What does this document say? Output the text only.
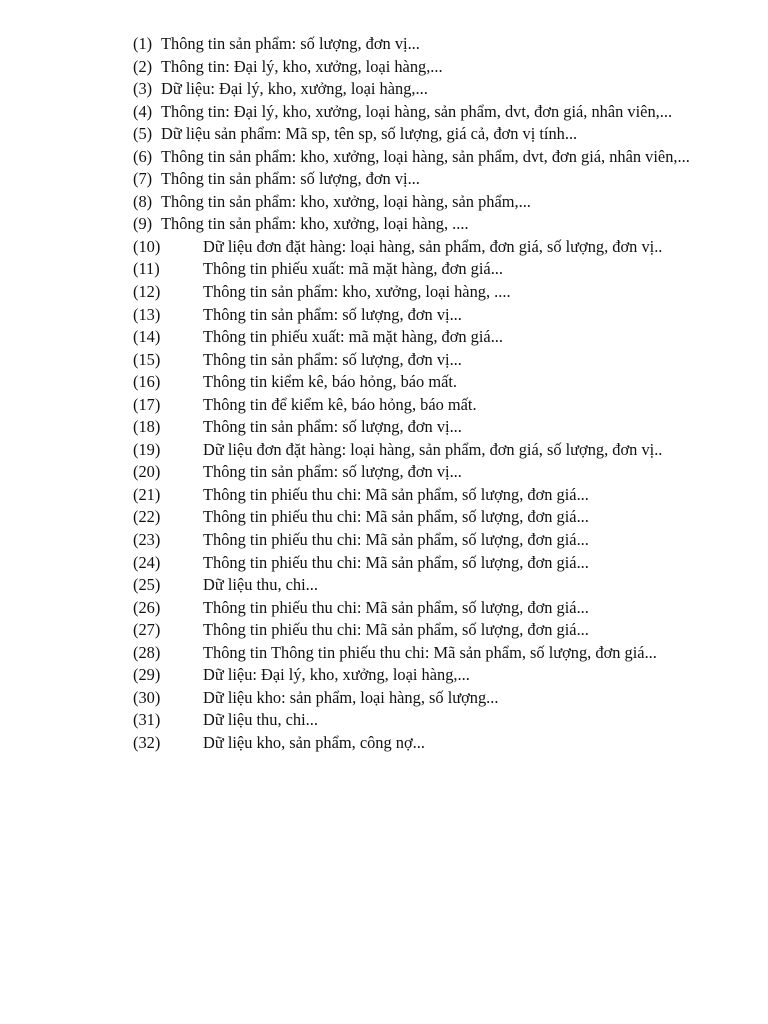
(1) Thông tin sản phẩm: số lượng, đơn vị...
(2) Thông tin: Đại lý, kho, xưởng, loại hàng,...
(3) Dữ liệu: Đại lý, kho, xưởng, loại hàng,...
(4) Thông tin: Đại lý, kho, xưởng, loại hàng, sản phẩm, dvt, đơn giá, nhân viên,...
(5) Dữ liệu sản phẩm: Mã sp, tên sp, số lượng, giá cả, đơn vị tính...
(6) Thông tin sản phẩm: kho, xưởng, loại hàng, sản phẩm, dvt, đơn giá, nhân viên,...
(7) Thông tin sản phẩm: số lượng, đơn vị...
(8) Thông tin sản phẩm: kho, xưởng, loại hàng, sản phẩm,...
(9) Thông tin sản phẩm: kho, xưởng, loại hàng, ....
(10)	Dữ liệu đơn đặt hàng: loại hàng, sản phẩm, đơn giá, số lượng, đơn vị..
(11)	Thông tin phiếu xuất: mã mặt hàng, đơn giá...
(12)	Thông tin sản phẩm: kho, xưởng, loại hàng, ....
(13)	Thông tin sản phẩm: số lượng, đơn vị...
(14)	Thông tin phiếu xuất: mã mặt hàng, đơn giá...
(15)	Thông tin sản phẩm: số lượng, đơn vị...
(16)	Thông tin kiểm kê, báo hỏng, báo mất.
(17)	Thông tin để kiểm kê, báo hỏng, báo mất.
(18)	Thông tin sản phẩm: số lượng, đơn vị...
(19)	Dữ liệu đơn đặt hàng: loại hàng, sản phẩm, đơn giá, số lượng, đơn vị..
(20)	Thông tin sản phẩm: số lượng, đơn vị...
(21)	Thông tin phiếu thu chi: Mã sản phẩm, số lượng, đơn giá...
(22)	Thông tin phiếu thu chi: Mã sản phẩm, số lượng, đơn giá...
(23)	Thông tin phiếu thu chi: Mã sản phẩm, số lượng, đơn giá...
(24)	Thông tin phiếu thu chi: Mã sản phẩm, số lượng, đơn giá...
(25)	Dữ liệu thu, chi...
(26)	Thông tin phiếu thu chi: Mã sản phẩm, số lượng, đơn giá...
(27)	Thông tin phiếu thu chi: Mã sản phẩm, số lượng, đơn giá...
(28)	Thông tin Thông tin phiếu thu chi: Mã sản phẩm, số lượng, đơn giá...
(29)	Dữ liệu: Đại lý, kho, xưởng, loại hàng,...
(30)	Dữ liệu kho: sản phẩm, loại hàng, số lượng...
(31)	Dữ liệu thu, chi...
(32)	Dữ liệu kho, sản phẩm, công nợ...
